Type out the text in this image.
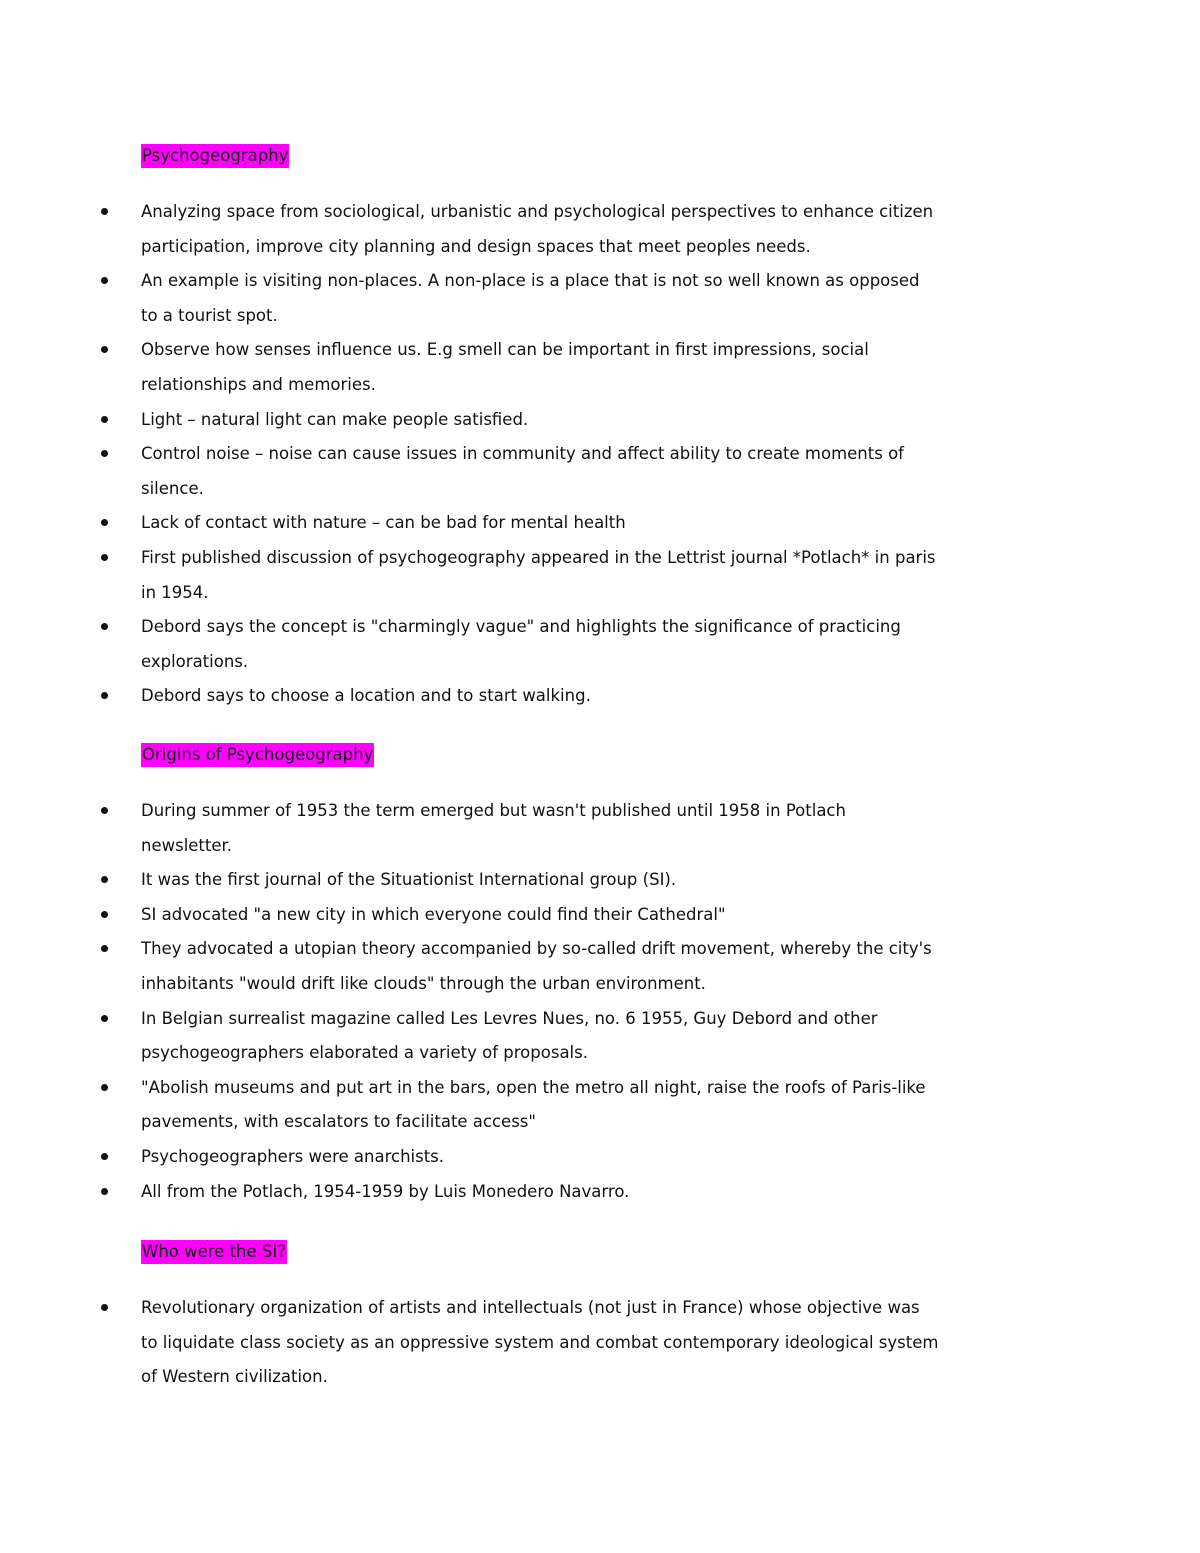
Psychogeography
Analyzing space from sociological, urbanistic and psychological perspectives to enhance citizen participation, improve city planning and design spaces that meet peoples needs.
An example is visiting non-places. A non-place is a place that is not so well known as opposed to a tourist spot.
Observe how senses influence us. E.g smell can be important in first impressions, social relationships and memories.
Light – natural light can make people satisfied.
Control noise – noise can cause issues in community and affect ability to create moments of silence.
Lack of contact with nature – can be bad for mental health
First published discussion of psychogeography appeared in the Lettrist journal *Potlach* in paris in 1954.
Debord says the concept is "charmingly vague" and highlights the significance of practicing explorations.
Debord says to choose a location and to start walking.
Origins of Psychogeography
During summer of 1953 the term emerged but wasn't published until 1958 in Potlach newsletter.
It was the first journal of the Situationist International group (SI).
SI advocated "a new city in which everyone could find their Cathedral"
They advocated a utopian theory accompanied by so-called drift movement, whereby the city's inhabitants "would drift like clouds" through the urban environment.
In Belgian surrealist magazine called Les Levres Nues, no. 6 1955, Guy Debord and other psychogeographers elaborated a variety of proposals.
"Abolish museums and put art in the bars, open the metro all night, raise the roofs of Paris-like pavements, with escalators to facilitate access"
Psychogeographers were anarchists.
All from the Potlach, 1954-1959 by Luis Monedero Navarro.
Who were the SI?
Revolutionary organization of artists and intellectuals (not just in France) whose objective was to liquidate class society as an oppressive system and combat contemporary ideological system of Western civilization.
